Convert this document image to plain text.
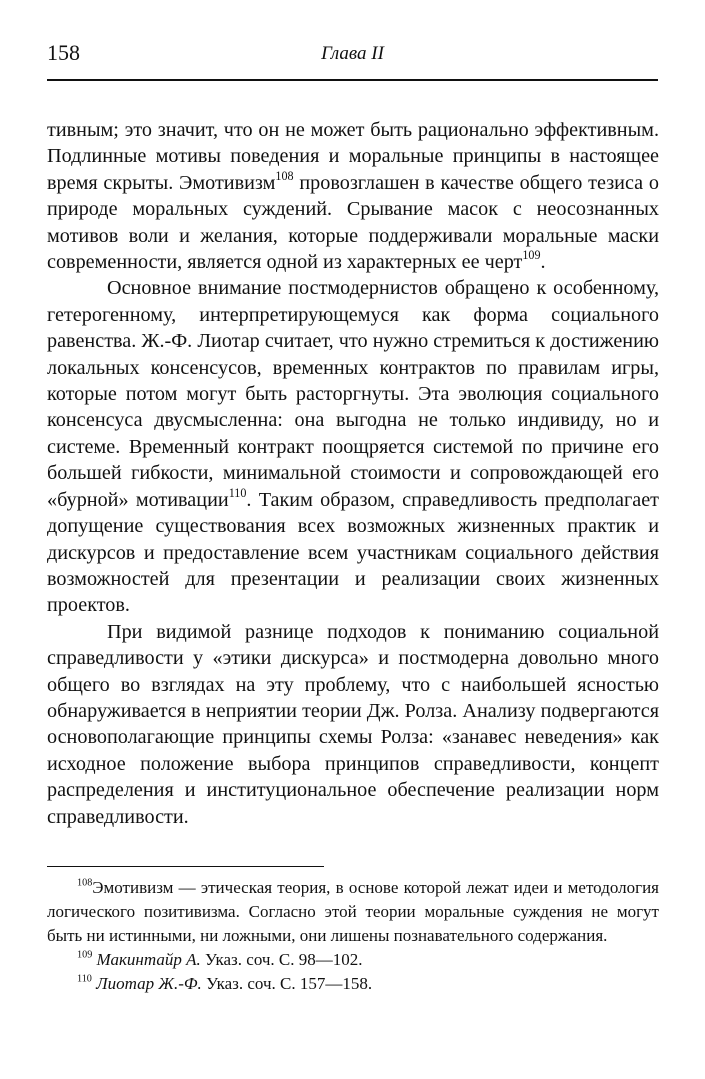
158	Глава II

тивным; это значит, что он не может быть рационально эффективным. Подлинные мотивы поведения и моральные принципы в настоящее время скрыты. Эмотивизм$^{108}$ провозглашен в качестве общего тезиса о природе моральных суждений. Срывание масок с неосознанных мотивов воли и желания, которые поддерживали моральные маски современности, является одной из характерных ее черт$^{109}$.

Основное внимание постмодернистов обращено к особенному, гетерогенному, интерпретирующемуся как форма социального равенства. Ж.-Ф. Лиотар считает, что нужно стремиться к достижению локальных консенсусов, временных контрактов по правилам игры, которые потом могут быть расторгнуты. Эта эволюция социального консенсуса двусмысленна: она выгодна не только индивиду, но и системе. Временный контракт поощряется системой по причине его большей гибкости, минимальной стоимости и сопровождающей его «бурной» мотивации$^{110}$. Таким образом, справедливость предполагает допущение существования всех возможных жизненных практик и дискурсов и предоставление всем участникам социального действия возможностей для презентации и реализации своих жизненных проектов.

При видимой разнице подходов к пониманию социальной справедливости у «этики дискурса» и постмодерна довольно много общего во взглядах на эту проблему, что с наибольшей ясностью обнаруживается в неприятии теории Дж. Ролза. Анализу подвергаются основополагающие принципы схемы Ролза: «занавес неведения» как исходное положение выбора принципов справедливости, концепт распределения и институциональное обеспечение реализации норм справедливости.

$^{108}$Эмотивизм — этическая теория, в основе которой лежат идеи и методология логического позитивизма. Согласно этой теории моральные суждения не могут быть ни истинными, ни ложными, они лишены познавательного содержания.

$^{109}$ Макинтайр А. Указ. соч. С. 98—102.

$^{110}$ Лиотар Ж.-Ф. Указ. соч. С. 157—158.
